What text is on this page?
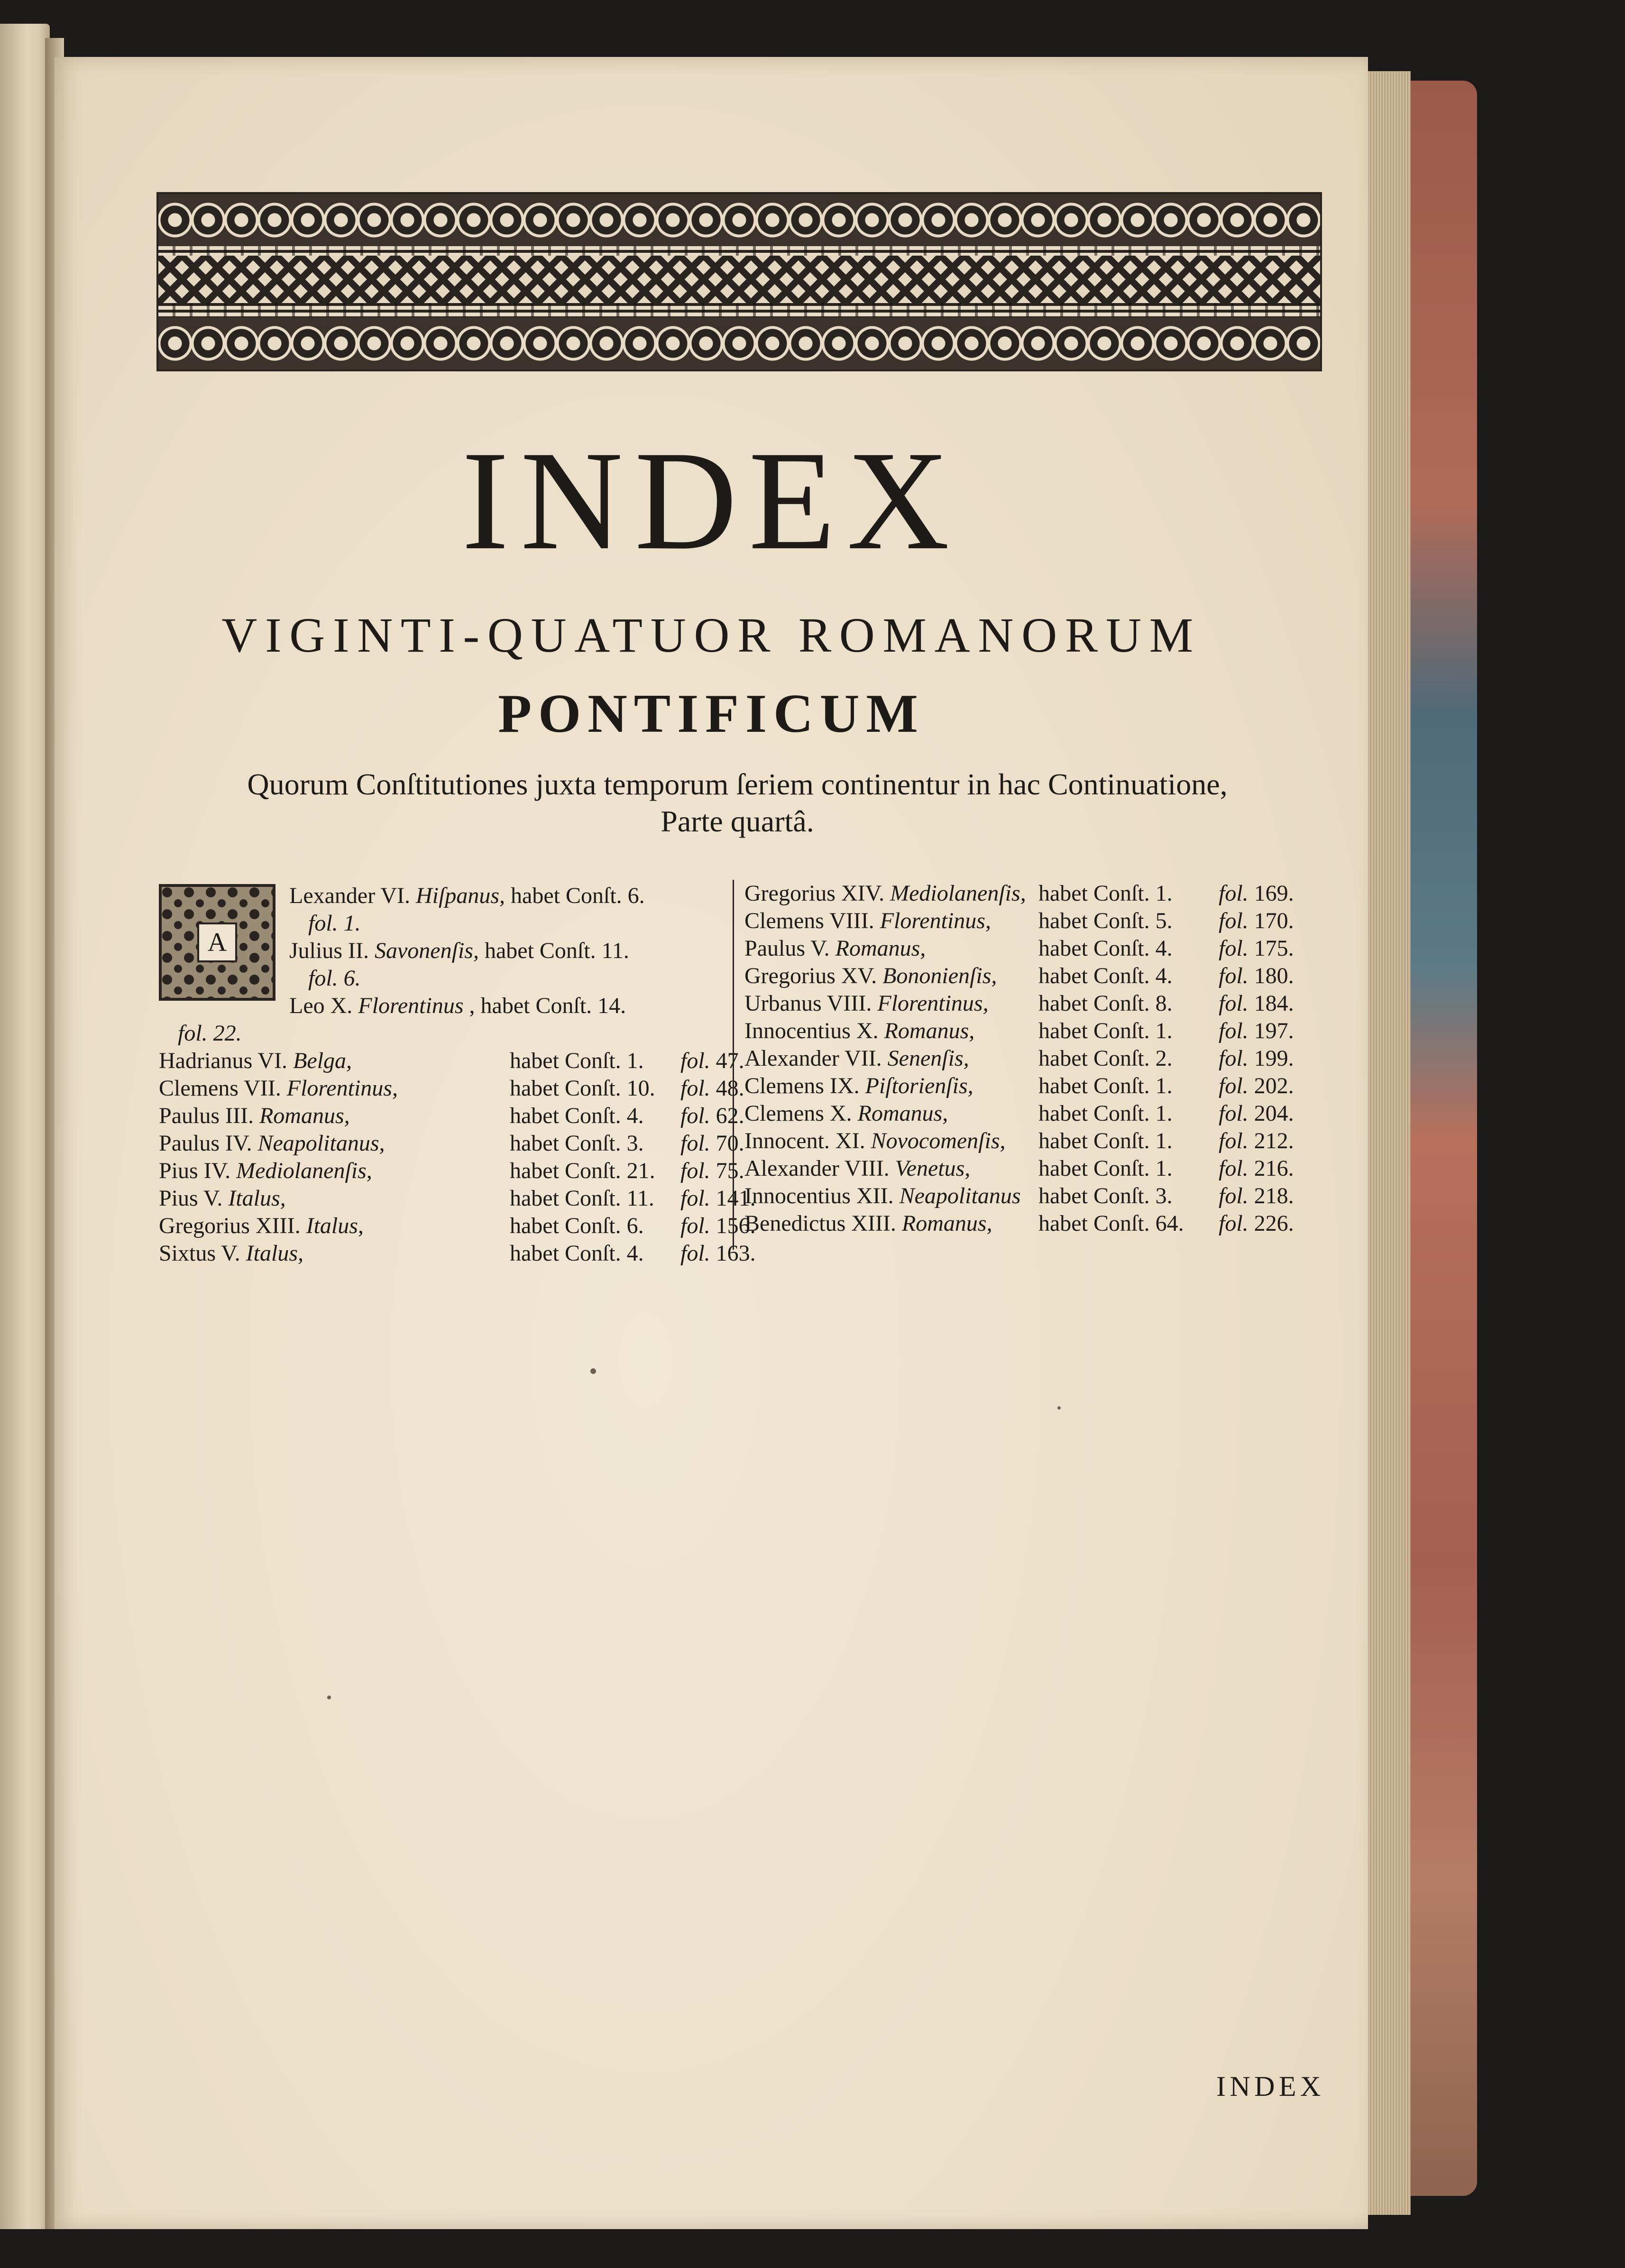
INDEX
VIGINTI-QUATUOR ROMANORUM
PONTIFICUM
Quorum Conſtitutiones juxta temporum ſeriem continentur in hac Continuatione,
Parte quartâ.
A
Lexander VI. Hiſpanus, habet Conſt. 6.
fol. 1.
Julius II. Savonenſis, habet Conſt. 11.
fol. 6.
Leo X. Florentinus , habet Conſt. 14.
fol. 22.
Hadrianus VI. Belga,	habet Conſt. 1. fol. 47.
Clemens VII. Florentinus,	habet Conſt. 10. fol. 48.
Paulus III. Romanus,	habet Conſt. 4. fol. 62.
Paulus IV. Neapolitanus,	habet Conſt. 3. fol. 70.
Pius IV. Mediolanenſis,	habet Conſt. 21. fol. 75.
Pius V. Italus,	habet Conſt. 11. fol. 141.
Gregorius XIII. Italus,	habet Conſt. 6. fol. 156.
Sixtus V. Italus,	habet Conſt. 4. fol. 163.
Gregorius XIV. Mediolanenſis, habet Conſt. 1. fol. 169.
Clemens VIII. Florentinus, habet Conſt. 5. fol. 170.
Paulus V. Romanus,	habet Conſt. 4. fol. 175.
Gregorius XV. Bononienſis, habet Conſt. 4. fol. 180.
Urbanus VIII. Florentinus, habet Conſt. 8. fol. 184.
Innocentius X. Romanus,	habet Conſt. 1. fol. 197.
Alexander VII. Senenſis,	habet Conſt. 2. fol. 199.
Clemens IX. Piſtorienſis,	habet Conſt. 1. fol. 202.
Clemens X. Romanus,	habet Conſt. 1. fol. 204.
Innocent. XI. Novocomenſis, habet Conſt. 1. fol. 212.
Alexander VIII. Venetus,	habet Conſt. 1. fol. 216.
Innocentius XII. Neapolitanus habet Conſt. 3. fol. 218.
Benedictus XIII. Romanus, habet Conſt. 64. fol. 226.
INDEX
